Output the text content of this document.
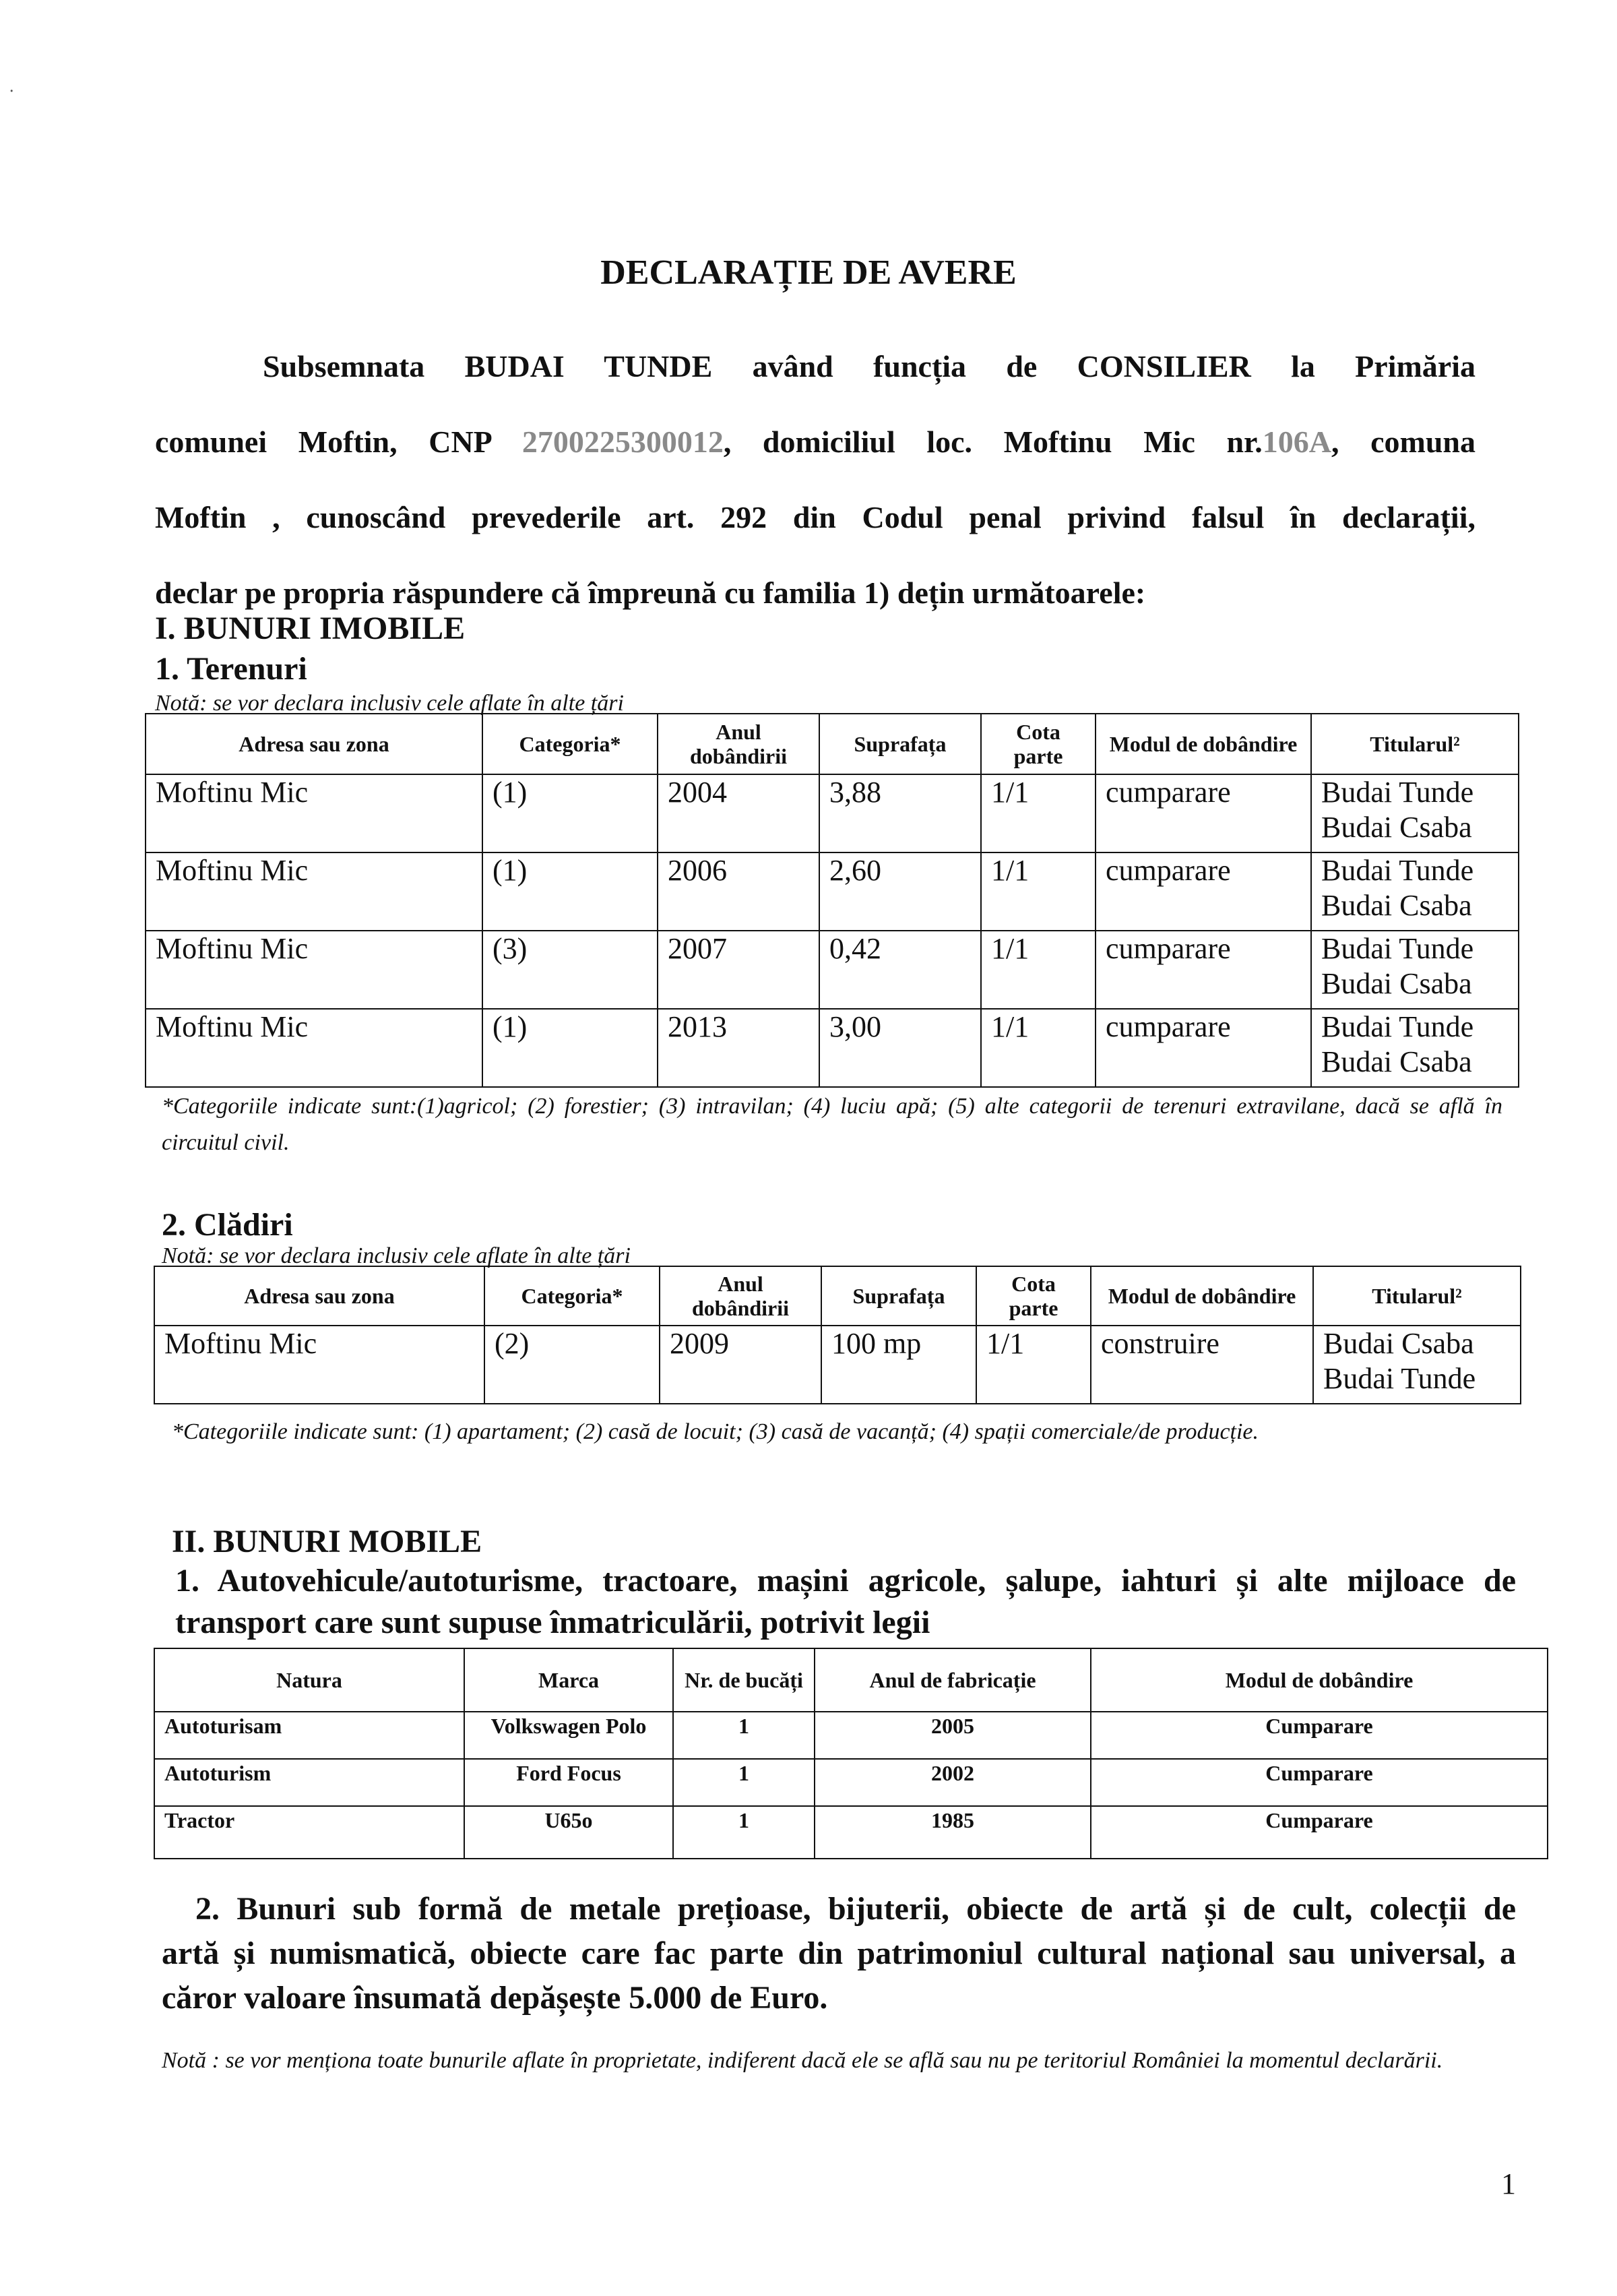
⸱
DECLARAȚIE DE AVERE

Subsemnata BUDAI TUNDE având funcția de CONSILIER la Primăria

comunei Moftin, CNP 2700225300012, domiciliul loc. Moftinu Mic nr.106A, comuna

Moftin , cunoscând prevederile art. 292 din Codul penal privind falsul în declarații,

declar pe propria răspundere că împreună cu familia 1) dețin următoarele:

I. BUNURI IMOBILE
1. Terenuri
Notă: se vor declara inclusiv cele aflate în alte țări
Adresa sau zona	Categoria*	Anul dobândirii	Suprafața	Cota parte	Modul de dobândire	Titularul²
Moftinu Mic	(1)	2004	3,88	1/1	cumparare	Budai Tunde
Budai Csaba

Moftinu Mic	(1)	2006	2,60	1/1	cumparare	Budai Tunde
Budai Csaba

Moftinu Mic	(3)	2007	0,42	1/1	cumparare	Budai Tunde
Budai Csaba

Moftinu Mic	(1)	2013	3,00	1/1	cumparare	Budai Tunde
Budai Csaba
*Categoriile indicate sunt:(1)agricol; (2) forestier; (3) intravilan; (4) luciu apă; (5) alte categorii de terenuri extravilane, dacă se află în circuitul civil.
2. Clădiri
Notă: se vor declara inclusiv cele aflate în alte țări
Adresa sau zona	Categoria*	Anul dobândirii	Suprafața	Cota parte	Modul de dobândire	Titularul²
Moftinu Mic	(2)	2009	100 mp	1/1	construire	Budai Csaba
Budai Tunde
*Categoriile indicate sunt: (1) apartament; (2) casă de locuit; (3) casă de vacanță; (4) spații comerciale/de producție.
II. BUNURI MOBILE
1. Autovehicule/autoturisme, tractoare, mașini agricole, șalupe, iahturi și alte mijloace de
transport care sunt supuse înmatriculării, potrivit legii
Natura	Marca	Nr. de bucăți	Anul de fabricație	Modul de dobândire
Autoturisam	Volkswagen Polo	1	2005	Cumparare
Autoturism	Ford Focus	1	2002	Cumparare
Tractor	U65o	1	1985	Cumparare
2. Bunuri sub formă de metale prețioase, bijuterii, obiecte de artă și de cult, colecții de
artă și numismatică, obiecte care fac parte din patrimoniul cultural național sau universal, a
căror valoare însumată depășește 5.000 de Euro.
Notă : se vor menționa toate bunurile aflate în proprietate, indiferent dacă ele se află sau nu pe teritoriul României la momentul declarării.
1
